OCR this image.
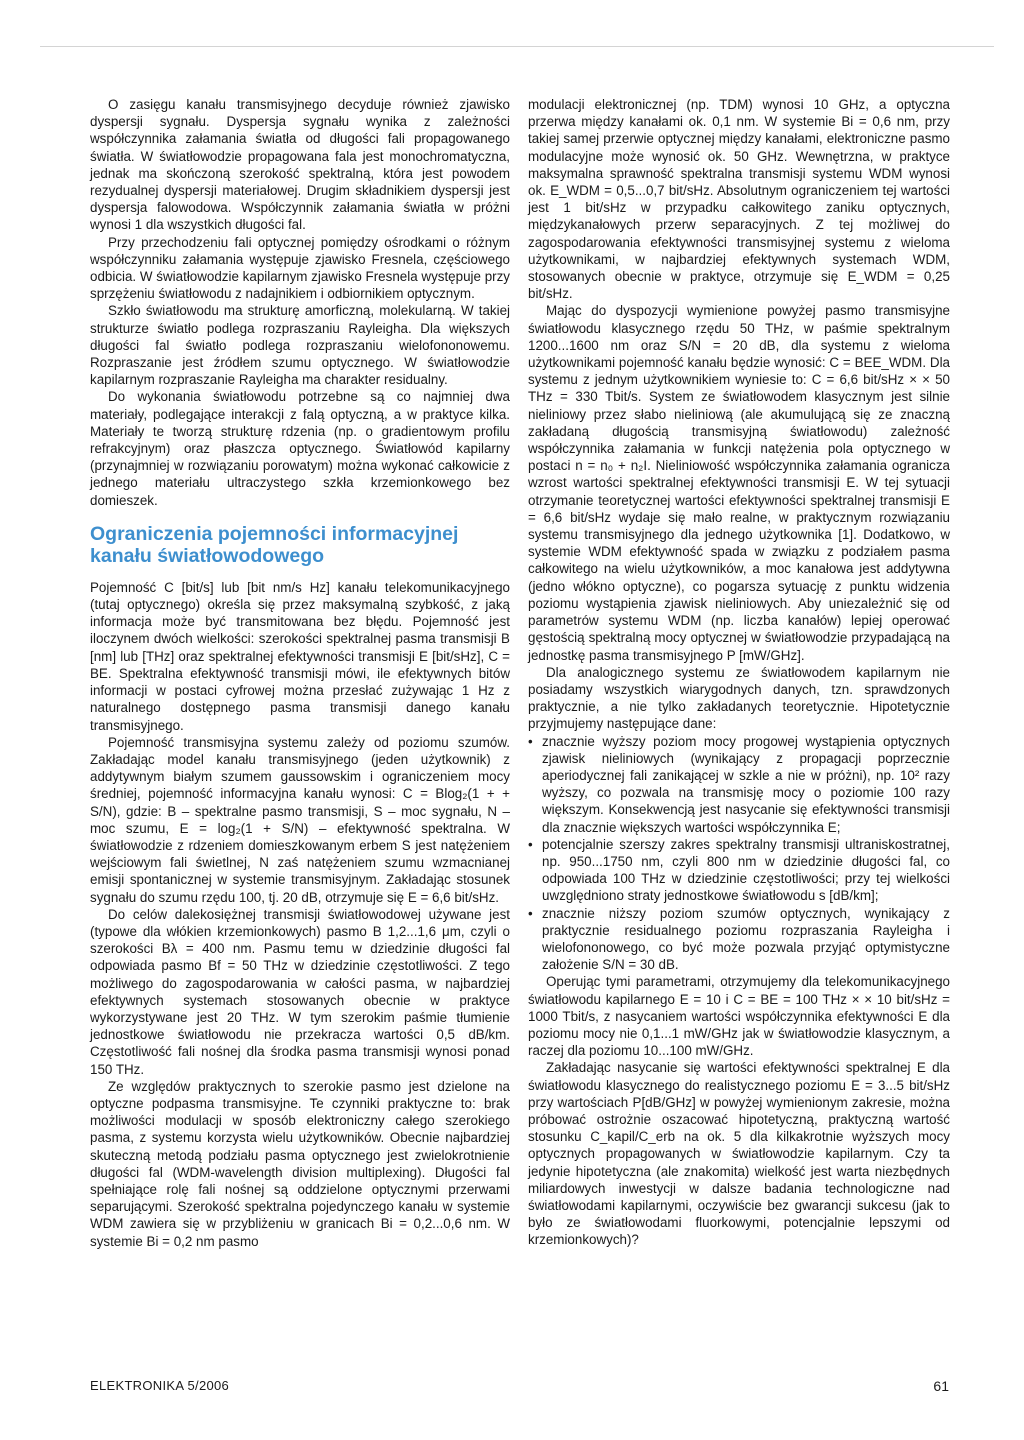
O zasięgu kanału transmisyjnego decyduje również zjawisko dyspersji sygnału. Dyspersja sygnału wynika z zależności współczynnika załamania światła od długości fali propagowanego światła. W światłowodzie propagowana fala jest monochromatyczna, jednak ma skończoną szerokość spektralną, która jest powodem rezydualnej dyspersji materiałowej. Drugim składnikiem dyspersji jest dyspersja falowodowa. Współczynnik załamania światła w próżni wynosi 1 dla wszystkich długości fal.

Przy przechodzeniu fali optycznej pomiędzy ośrodkami o różnym współczynniku załamania występuje zjawisko Fresnela, częściowego odbicia. W światłowodzie kapilarnym zjawisko Fresnela występuje przy sprzężeniu światłowodu z nadajnikiem i odbiornikiem optycznym.

Szkło światłowodu ma strukturę amorficzną, molekularną. W takiej strukturze światło podlega rozpraszaniu Rayleigha. Dla większych długości fal światło podlega rozpraszaniu wielofononowemu. Rozpraszanie jest źródłem szumu optycznego. W światłowodzie kapilarnym rozpraszanie Rayleigha ma charakter residualny.

Do wykonania światłowodu potrzebne są co najmniej dwa materiały, podlegające interakcji z falą optyczną, a w praktyce kilka. Materiały te tworzą strukturę rdzenia (np. o gradientowym profilu refrakcyjnym) oraz płaszcza optycznego. Światłowód kapilarny (przynajmniej w rozwiązaniu porowatym) można wykonać całkowicie z jednego materiału ultraczystego szkła krzemionkowego bez domieszek.

Ograniczenia pojemności informacyjnej kanału światłowodowego

Pojemność C [bit/s] lub [bit nm/s Hz] kanału telekomunikacyjnego (tutaj optycznego) określa się przez maksymalną szybkość, z jaką informacja może być transmitowana bez błędu. Pojemność jest iloczynem dwóch wielkości: szerokości spektralnej pasma transmisji B [nm] lub [THz] oraz spektralnej efektywności transmisji E [bit/sHz], C = BE. Spektralna efektywność transmisji mówi, ile efektywnych bitów informacji w postaci cyfrowej można przesłać zużywając 1 Hz z naturalnego dostępnego pasma transmisji danego kanału transmisyjnego.

Pojemność transmisyjna systemu zależy od poziomu szumów. Zakładając model kanału transmisyjnego (jeden użytkownik) z addytywnym białym szumem gaussowskim i ograniczeniem mocy średniej, pojemność informacyjna kanału wynosi: C = Blog₂(1 + + S/N), gdzie: B – spektralne pasmo transmisji, S – moc sygnału, N – moc szumu, E = log₂(1 + S/N) – efektywność spektralna. W światłowodzie z rdzeniem domieszkowanym erbem S jest natężeniem wejściowym fali świetlnej, N zaś natężeniem szumu wzmacnianej emisji spontanicznej w systemie transmisyjnym. Zakładając stosunek sygnału do szumu rzędu 100, tj. 20 dB, otrzymuje się E = 6,6 bit/sHz.

Do celów dalekosiężnej transmisji światłowodowej używane jest (typowe dla włókien krzemionkowych) pasmo B 1,2...1,6 μm, czyli o szerokości Bλ = 400 nm. Pasmu temu w dziedzinie długości fal odpowiada pasmo Bf = 50 THz w dziedzinie częstotliwości. Z tego możliwego do zagospodarowania w całości pasma, w najbardziej efektywnych systemach stosowanych obecnie w praktyce wykorzystywane jest 20 THz. W tym szerokim paśmie tłumienie jednostkowe światłowodu nie przekracza wartości 0,5 dB/km. Częstotliwość fali nośnej dla środka pasma transmisji wynosi ponad 150 THz.

Ze względów praktycznych to szerokie pasmo jest dzielone na optyczne podpasma transmisyjne. Te czynniki praktyczne to: brak możliwości modulacji w sposób elektroniczny całego szerokiego pasma, z systemu korzysta wielu użytkowników. Obecnie najbardziej skuteczną metodą podziału pasma optycznego jest zwielokrotnienie długości fal (WDM-wavelength division multiplexing). Długości fal spełniające rolę fali nośnej są oddzielone optycznymi przerwami separującymi. Szerokość spektralna pojedynczego kanału w systemie WDM zawiera się w przybliżeniu w granicach Bi = 0,2...0,6 nm. W systemie Bi = 0,2 nm pasmo

modulacji elektronicznej (np. TDM) wynosi 10 GHz, a optyczna przerwa między kanałami ok. 0,1 nm. W systemie Bi = 0,6 nm, przy takiej samej przerwie optycznej między kanałami, elektroniczne pasmo modulacyjne może wynosić ok. 50 GHz. Wewnętrzna, w praktyce maksymalna sprawność spektralna transmisji systemu WDM wynosi ok. E_WDM = 0,5...0,7 bit/sHz. Absolutnym ograniczeniem tej wartości jest 1 bit/sHz w przypadku całkowitego zaniku optycznych, międzykanałowych przerw separacyjnych. Z tej możliwej do zagospodarowania efektywności transmisyjnej systemu z wieloma użytkownikami, w najbardziej efektywnych systemach WDM, stosowanych obecnie w praktyce, otrzymuje się E_WDM = 0,25 bit/sHz.

Mając do dyspozycji wymienione powyżej pasmo transmisyjne światłowodu klasycznego rzędu 50 THz, w paśmie spektralnym 1200...1600 nm oraz S/N = 20 dB, dla systemu z wieloma użytkownikami pojemność kanału będzie wynosić: C = BEE_WDM. Dla systemu z jednym użytkownikiem wyniesie to: C = 6,6 bit/sHz × × 50 THz = 330 Tbit/s. System ze światłowodem klasycznym jest silnie nieliniowy przez słabo nieliniową (ale akumulującą się ze znaczną zakładaną długością transmisyjną światłowodu) zależność współczynnika załamania w funkcji natężenia pola optycznego w postaci n = n₀ + n₂I. Nieliniowość współczynnika załamania ogranicza wzrost wartości spektralnej efektywności transmisji E. W tej sytuacji otrzymanie teoretycznej wartości efektywności spektralnej transmisji E = 6,6 bit/sHz wydaje się mało realne, w praktycznym rozwiązaniu systemu transmisyjnego dla jednego użytkownika [1]. Dodatkowo, w systemie WDM efektywność spada w związku z podziałem pasma całkowitego na wielu użytkowników, a moc kanałowa jest addytywna (jedno włókno optyczne), co pogarsza sytuację z punktu widzenia poziomu wystąpienia zjawisk nieliniowych. Aby uniezależnić się od parametrów systemu WDM (np. liczba kanałów) lepiej operować gęstością spektralną mocy optycznej w światłowodzie przypadającą na jednostkę pasma transmisyjnego P [mW/GHz].

Dla analogicznego systemu ze światłowodem kapilarnym nie posiadamy wszystkich wiarygodnych danych, tzn. sprawdzonych praktycznie, a nie tylko zakładanych teoretycznie. Hipotetycznie przyjmujemy następujące dane:

• znacznie wyższy poziom mocy progowej wystąpienia optycznych zjawisk nieliniowych (wynikający z propagacji poprzecznie aperiodycznej fali zanikającej w szkle a nie w próżni), np. 10² razy wyższy, co pozwala na transmisję mocy o poziomie 100 razy większym. Konsekwencją jest nasycanie się efektywności transmisji dla znacznie większych wartości współczynnika E;

• potencjalnie szerszy zakres spektralny transmisji ultraniskostratnej, np. 950...1750 nm, czyli 800 nm w dziedzinie długości fal, co odpowiada 100 THz w dziedzinie częstotliwości; przy tej wielkości uwzględniono straty jednostkowe światłowodu s [dB/km];

• znacznie niższy poziom szumów optycznych, wynikający z praktycznie residualnego poziomu rozpraszania Rayleigha i wielofononowego, co być może pozwala przyjąć optymistyczne założenie S/N = 30 dB.

Operując tymi parametrami, otrzymujemy dla telekomunikacyjnego światłowodu kapilarnego E = 10 i C = BE = 100 THz × × 10 bit/sHz = 1000 Tbit/s, z nasycaniem wartości współczynnika efektywności E dla poziomu mocy nie 0,1...1 mW/GHz jak w światłowodzie klasycznym, a raczej dla poziomu 10...100 mW/GHz.

Zakładając nasycanie się wartości efektywności spektralnej E dla światłowodu klasycznego do realistycznego poziomu E = 3...5 bit/sHz przy wartościach P[dB/GHz] w powyżej wymienionym zakresie, można próbować ostrożnie oszacować hipotetyczną, praktyczną wartość stosunku C_kapil/C_erb na ok. 5 dla kilkakrotnie wyższych mocy optycznych propagowanych w światłowodzie kapilarnym. Czy ta jedynie hipotetyczna (ale znakomita) wielkość jest warta niezbędnych miliardowych inwestycji w dalsze badania technologiczne nad światłowodami kapilarnymi, oczywiście bez gwarancji sukcesu (jak to było ze światłowodami fluorkowymi, potencjalnie lepszymi od krzemionkowych)?

ELEKTRONIKA 5/2006	61
